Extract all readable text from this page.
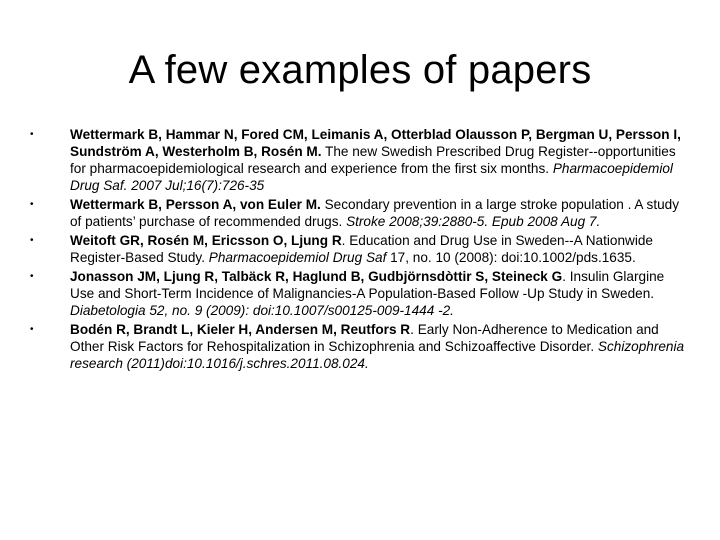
A few examples of papers
•	Wettermark B, Hammar N, Fored CM, Leimanis A, Otterblad Olausson P, Bergman U, Persson I, Sundström A, Westerholm B, Rosén M. The new Swedish Prescribed Drug Register--opportunities for pharmacoepidemiological research and experience from the first six months. Pharmacoepidemiol Drug Saf. 2007 Jul;16(7):726-35
•	Wettermark B, Persson A, von Euler M. Secondary prevention in a large stroke population . A study of patients’ purchase of recommended drugs. Stroke 2008;39:2880-5. Epub 2008 Aug 7.
•	Weitoft GR, Rosén M, Ericsson O, Ljung R. Education and Drug Use in Sweden--A Nationwide Register-Based Study. Pharmacoepidemiol Drug Saf 17, no. 10 (2008): doi:10.1002/pds.1635.
•	Jonasson JM, Ljung R, Talbäck R, Haglund B, Gudbjörnsdòttir S, Steineck G. Insulin Glargine Use and Short-Term Incidence of Malignancies-A Population-Based Follow -Up Study in Sweden. Diabetologia 52, no. 9 (2009): doi:10.1007/s00125-009-1444 -2.
•	Bodén R, Brandt L, Kieler H, Andersen M, Reutfors R. Early Non-Adherence to Medication and Other Risk Factors for Rehospitalization in Schizophrenia and Schizoaffective Disorder. Schizophrenia research (2011)doi:10.1016/j.schres.2011.08.024.
